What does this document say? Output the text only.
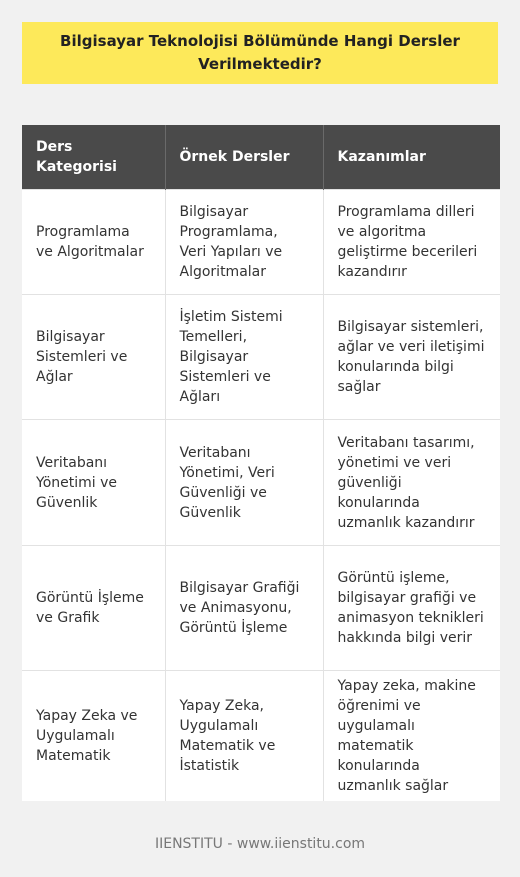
Bilgisayar Teknolojisi Bölümünde Hangi Dersler Verilmektedir?
Ders Kategorisi	Örnek Dersler	Kazanımlar
Programlama ve Algoritmalar	Bilgisayar Programlama, Veri Yapıları ve Algoritmalar	Programlama dilleri ve algoritma geliştirme becerileri kazandırır
Bilgisayar Sistemleri ve Ağlar	İşletim Sistemi Temelleri, Bilgisayar Sistemleri ve Ağları	Bilgisayar sistemleri, ağlar ve veri iletişimi konularında bilgi sağlar
Veritabanı Yönetimi ve Güvenlik	Veritabanı Yönetimi, Veri Güvenliği ve Güvenlik	Veritabanı tasarımı, yönetimi ve veri güvenliği konularında uzmanlık kazandırır
Görüntü İşleme ve Grafik	Bilgisayar Grafiği ve Animasyonu, Görüntü İşleme	Görüntü işleme, bilgisayar grafiği ve animasyon teknikleri hakkında bilgi verir
Yapay Zeka ve Uygulamalı Matematik	Yapay Zeka, Uygulamalı Matematik ve İstatistik	Yapay zeka, makine öğrenimi ve uygulamalı matematik konularında uzmanlık sağlar
IIENSTITU - www.iienstitu.com
